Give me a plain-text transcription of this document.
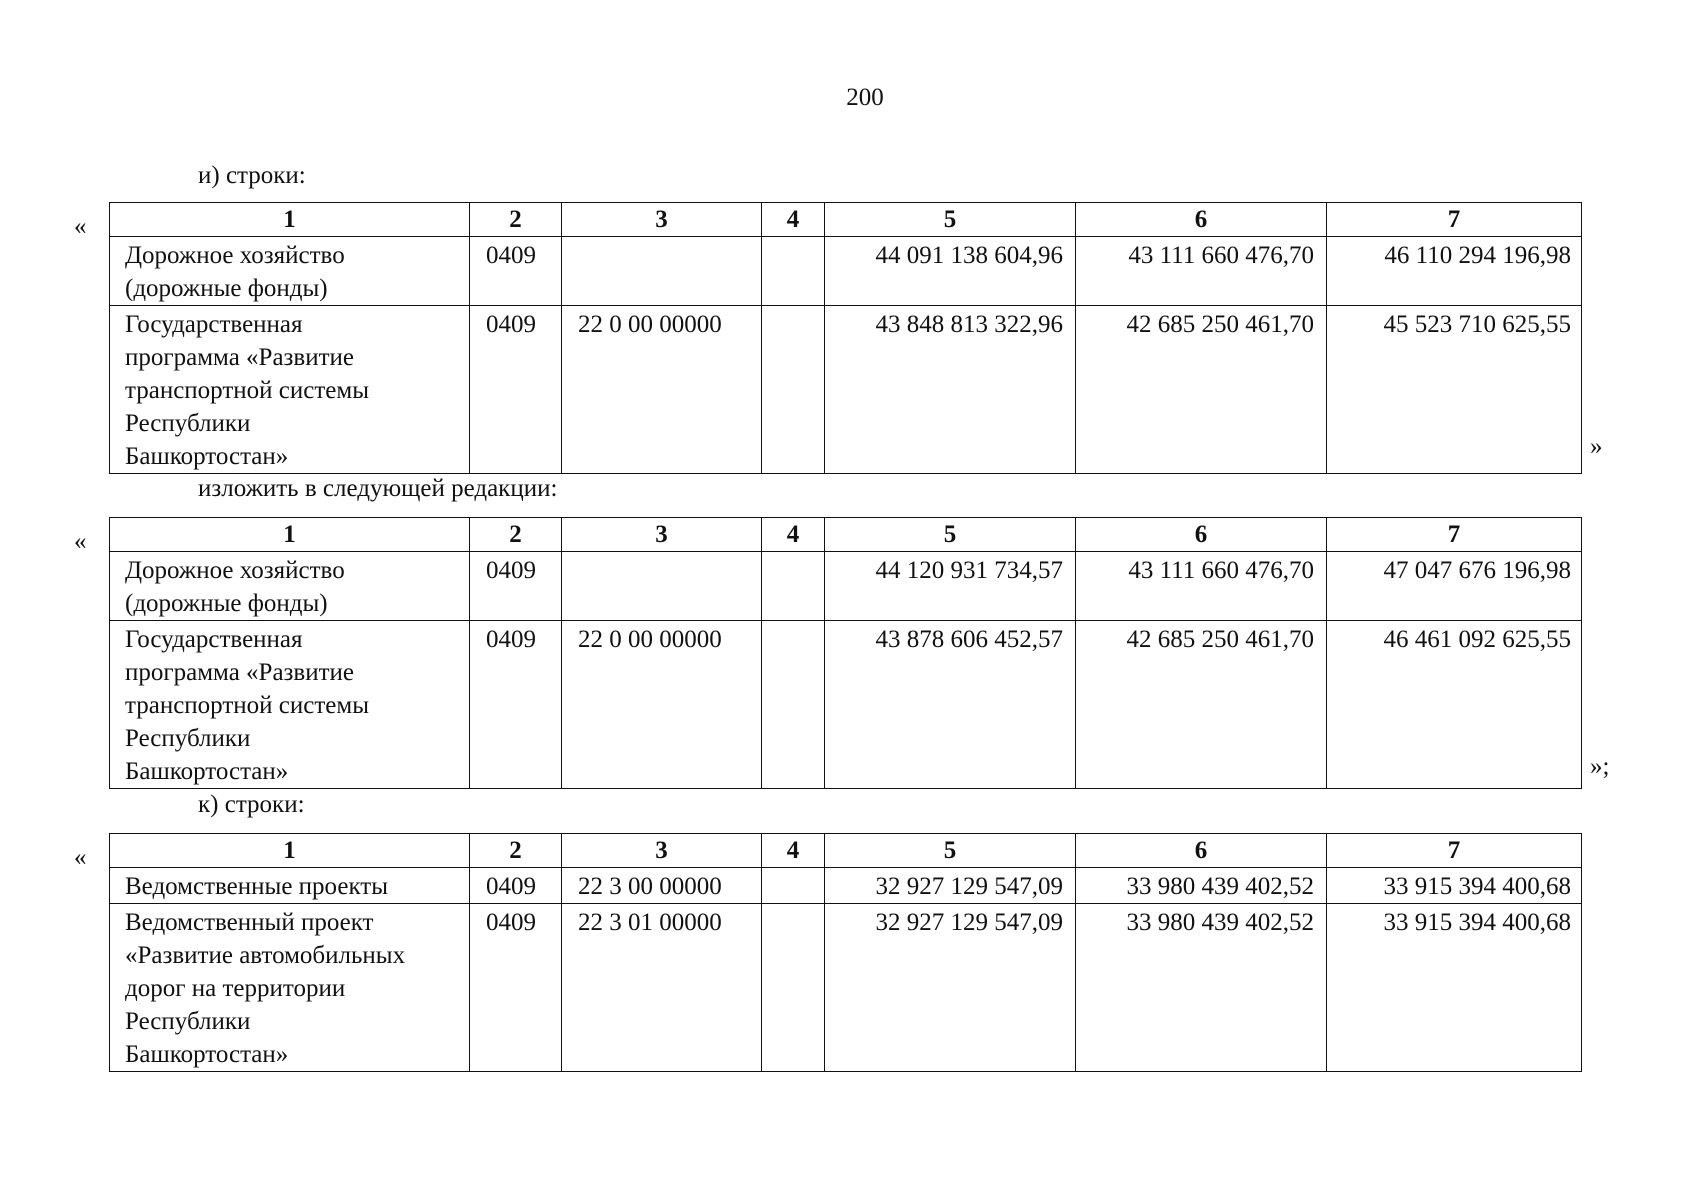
200
и) строки:
«	1	2	3	4	5	6	7

Дорожное хозяйство
(дорожные фонды)	0409			44 091 138 604,96	43 111 660 476,70	46 110 294 196,98

Государственная
программа «Развитие
транспортной системы
Республики
Башкортостан»	0409	22 0 00 00000		43 848 813 322,96	42 685 250 461,70	45 523 710 625,55
»
изложить в следующей редакции:
«	1	2	3	4	5	6	7

Дорожное хозяйство
(дорожные фонды)	0409			44 120 931 734,57	43 111 660 476,70	47 047 676 196,98

Государственная
программа «Развитие
транспортной системы
Республики
Башкортостан»	0409	22 0 00 00000		43 878 606 452,57	42 685 250 461,70	46 461 092 625,55
»;
к) строки:
«	1	2	3	4	5	6	7

Ведомственные проекты	0409	22 3 00 00000		32 927 129 547,09	33 980 439 402,52	33 915 394 400,68

Ведомственный проект
«Развитие автомобильных
дорог на территории
Республики
Башкортостан»	0409	22 3 01 00000		32 927 129 547,09	33 980 439 402,52	33 915 394 400,68
